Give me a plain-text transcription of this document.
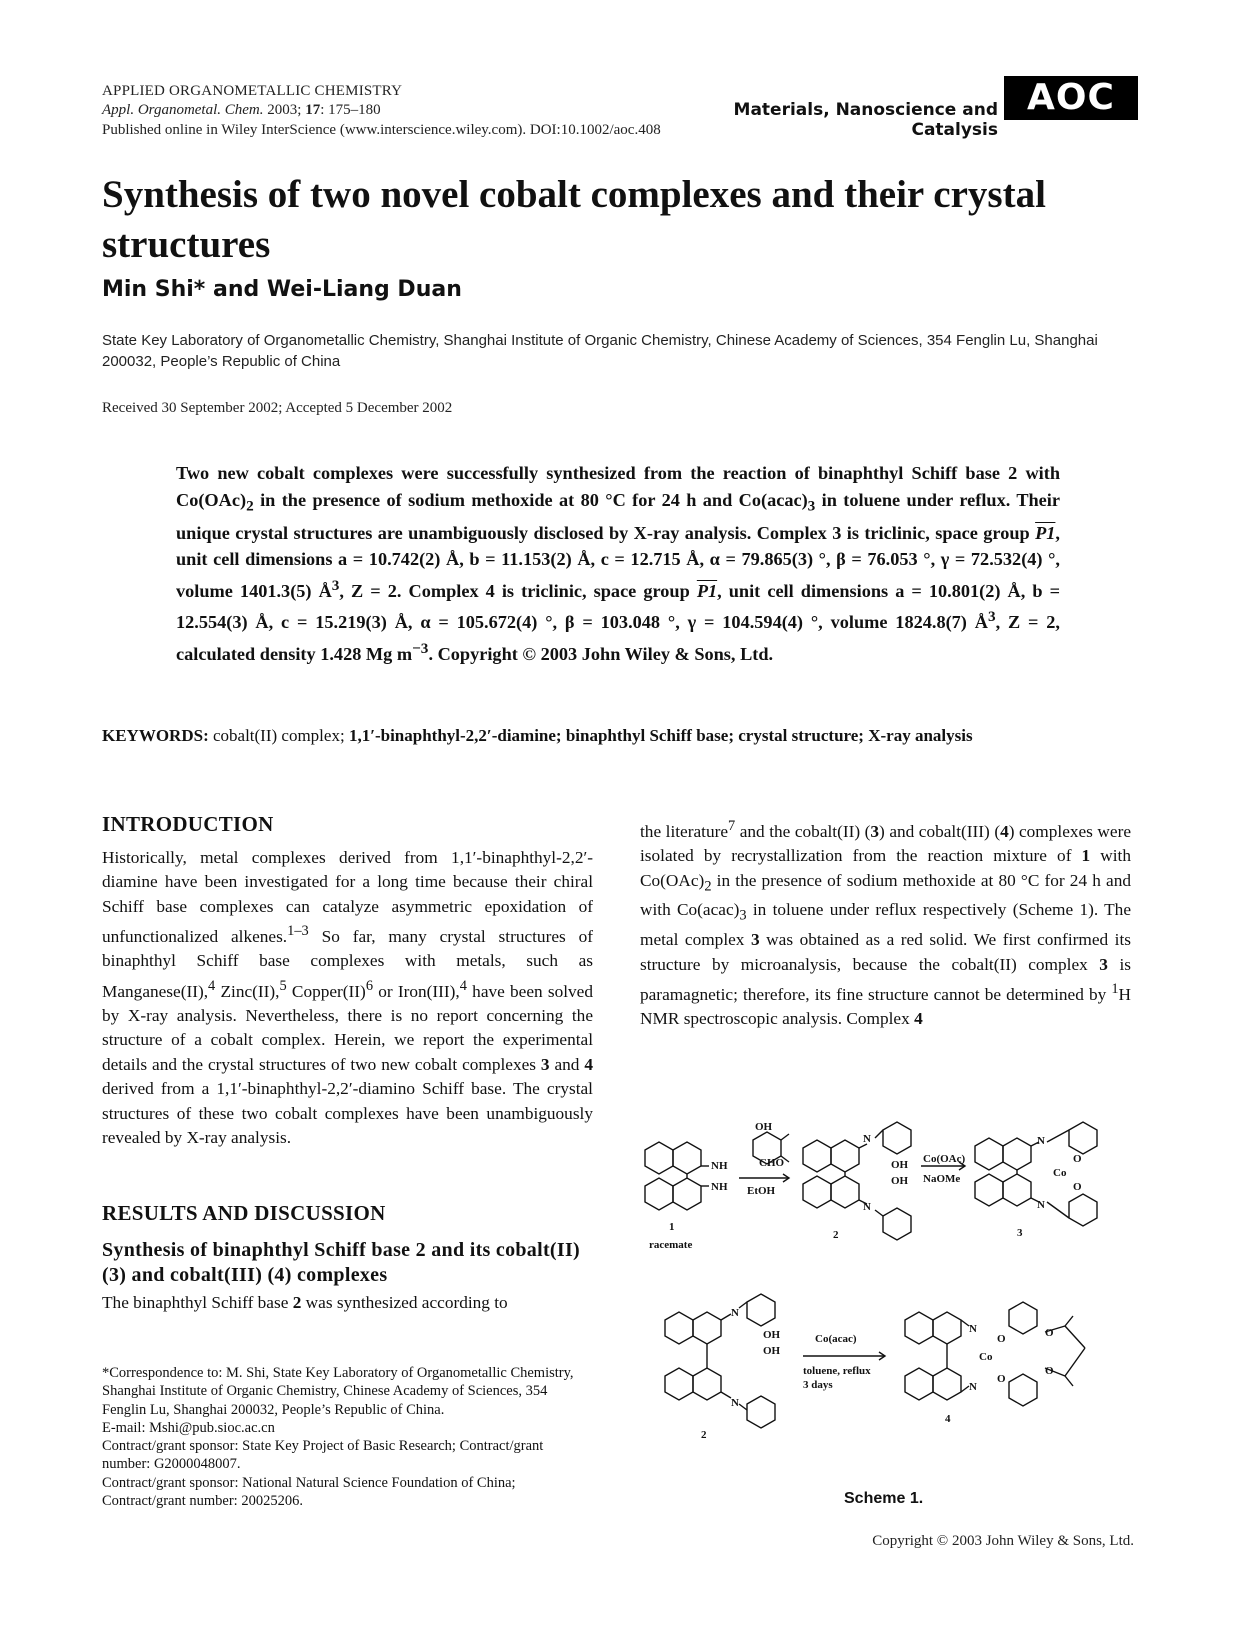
APPLIED ORGANOMETALLIC CHEMISTRY
Appl. Organometal. Chem. 2003; 17: 175–180
Published online in Wiley InterScience (www.interscience.wiley.com). DOI:10.1002/aoc.408
Materials, Nanoscience and Catalysis
AOC
Synthesis of two novel cobalt complexes and their crystal structures
Min Shi* and Wei-Liang Duan
State Key Laboratory of Organometallic Chemistry, Shanghai Institute of Organic Chemistry, Chinese Academy of Sciences, 354 Fenglin Lu, Shanghai 200032, People’s Republic of China
Received 30 September 2002; Accepted 5 December 2002
Two new cobalt complexes were successfully synthesized from the reaction of binaphthyl Schiff base 2 with $Co(OAc)_2$ in the presence of sodium methoxide at 80 °C for 24 h and $Co(acac)_3$ in toluene under reflux. Their unique crystal structures are unambiguously disclosed by X-ray analysis. Complex 3 is triclinic, space group P1, unit cell dimensions a = 10.742(2) Å, b = 11.153(2) Å, c = 12.715 Å, α = 79.865(3) °, β = 76.053 °, γ = 72.532(4) °, volume 1401.3(5) $Å^3$, Z = 2. Complex 4 is triclinic, space group P1, unit cell dimensions a = 10.801(2) Å, b = 12.554(3) Å, c = 15.219(3) Å, α = 105.672(4) °, β = 103.048 °, γ = 104.594(4) °, volume 1824.8(7) $Å^3$, Z = 2, calculated density 1.428 Mg $m^{-3}$. Copyright © 2003 John Wiley & Sons, Ltd.
KEYWORDS: cobalt(II) complex; 1,1′-binaphthyl-2,2′-diamine; binaphthyl Schiff base; crystal structure; X-ray analysis
INTRODUCTION
Historically, metal complexes derived from 1,1′-binaphthyl-2,2′-diamine have been investigated for a long time because their chiral Schiff base complexes can catalyze asymmetric epoxidation of unfunctionalized alkenes.$^{1-3}$ So far, many crystal structures of binaphthyl Schiff base complexes with metals, such as Manganese(II),$^4$ Zinc(II),$^5$ Copper(II)$^6$ or Iron(III),$^4$ have been solved by X-ray analysis. Nevertheless, there is no report concerning the structure of a cobalt complex. Herein, we report the experimental details and the crystal structures of two new cobalt complexes 3 and 4 derived from a 1,1′-binaphthyl-2,2′-diamino Schiff base. The crystal structures of these two cobalt complexes have been unambiguously revealed by X-ray analysis.
RESULTS AND DISCUSSION
Synthesis of binaphthyl Schiff base 2 and its cobalt(II) (3) and cobalt(III) (4) complexes
The binaphthyl Schiff base 2 was synthesized according to
*Correspondence to: M. Shi, State Key Laboratory of Organometallic Chemistry, Shanghai Institute of Organic Chemistry, Chinese Academy of Sciences, 354 Fenglin Lu, Shanghai 200032, People’s Republic of China.
E-mail: Mshi@pub.sioc.ac.cn
Contract/grant sponsor: State Key Project of Basic Research; Contract/grant number: G2000048007.
Contract/grant sponsor: National Natural Science Foundation of China; Contract/grant number: 20025206.
the literature$^7$ and the cobalt(II) (3) and cobalt(III) (4) complexes were isolated by recrystallization from the reaction mixture of 1 with $Co(OAc)_2$ in the presence of sodium methoxide at 80 °C for 24 h and with $Co(acac)_3$ in toluene under reflux respectively (Scheme 1). The metal complex 3 was obtained as a red solid. We first confirmed its structure by microanalysis, because the cobalt(II) complex 3 is paramagnetic; therefore, its fine structure cannot be determined by $^1$H NMR spectroscopic analysis. Complex 4
NH
NH
1
racemate
OH
CHO
EtOH
N
N
OH
OH
2
Co(OAc)
NaOMe
N
N
Co
O
O
3
N
N
OH
OH
2
Co(acac)
toluene, reflux
3 days
N
N
Co
O
O
O
O
4
Scheme 1.
Copyright © 2003 John Wiley & Sons, Ltd.
